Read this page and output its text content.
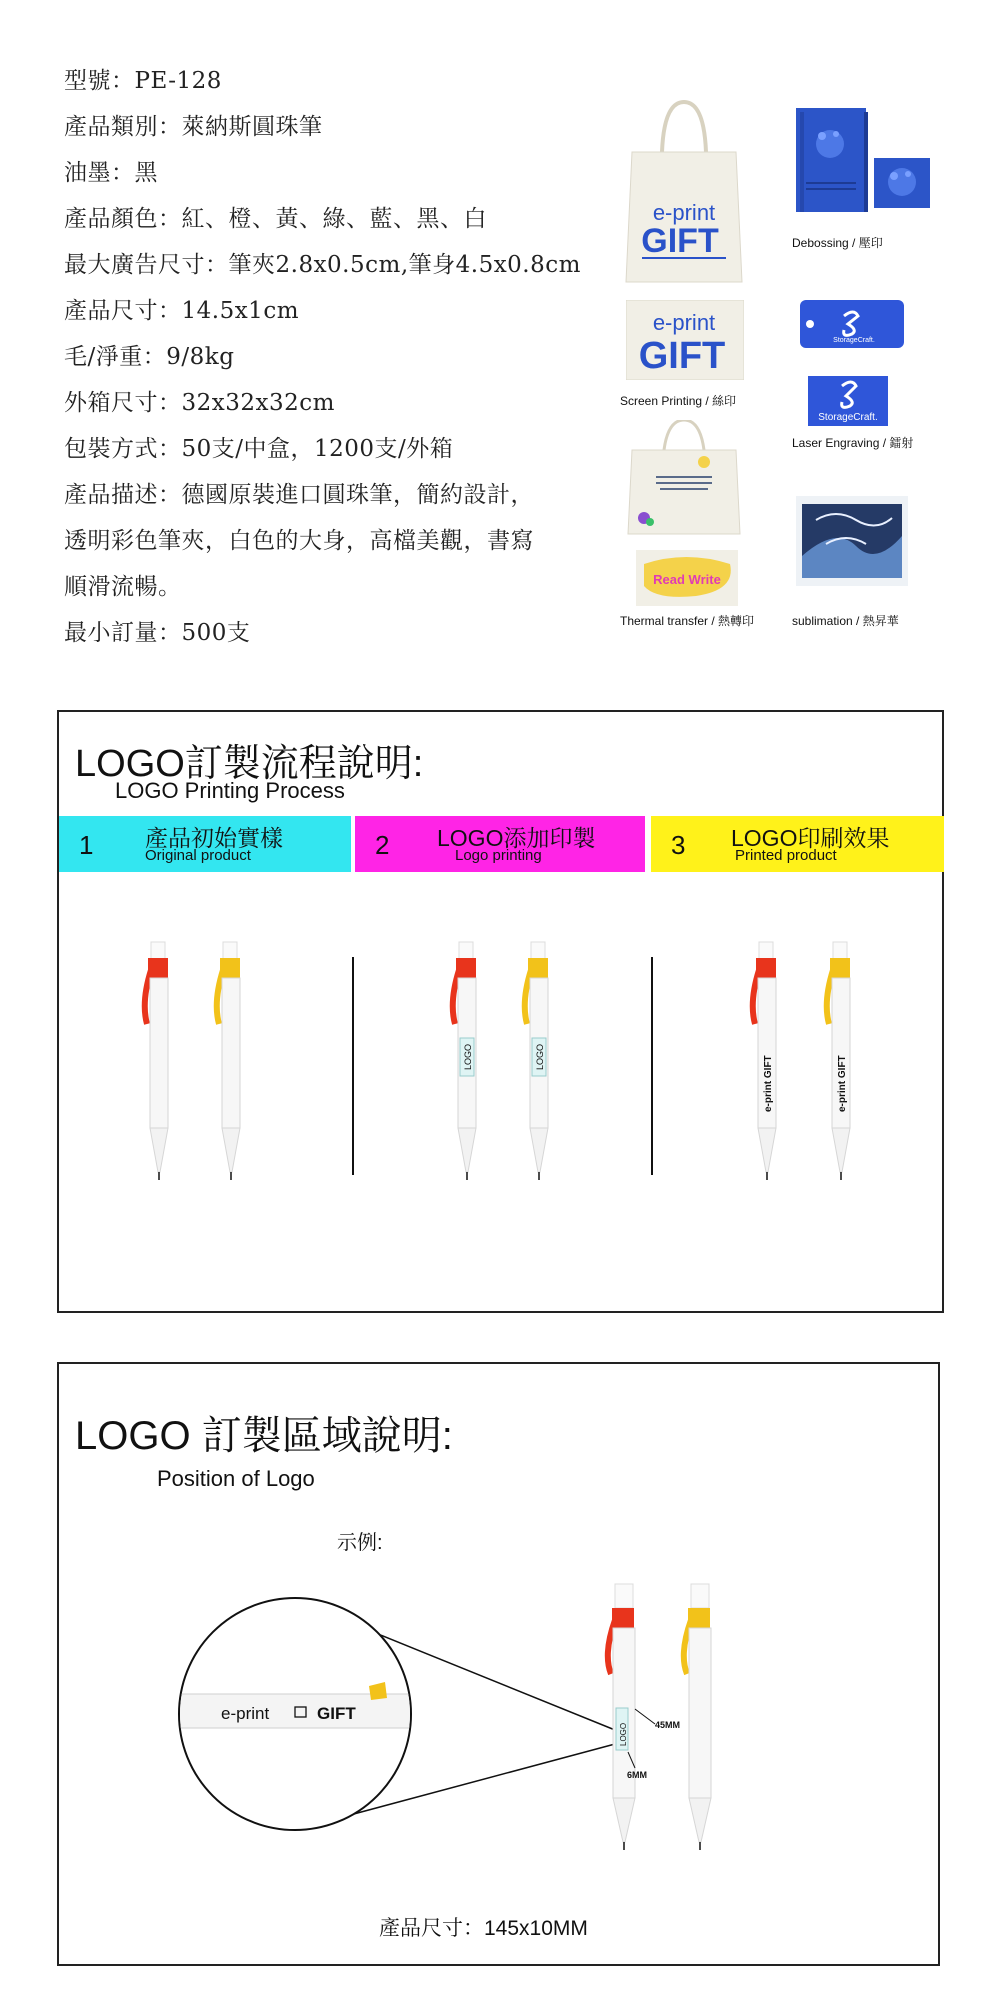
型號：PE-128
產品類別：萊納斯圓珠筆
油墨：黑
產品顏色：紅、橙、黃、綠、藍、黑、白
最大廣告尺寸：筆夾2.8x0.5cm,筆身4.5x0.8cm
產品尺寸：14.5x1cm
毛/淨重：9/8kg
外箱尺寸：32x32x32cm
包裝方式：50支/中盒，1200支/外箱
產品描述：德國原裝進口圓珠筆，簡約設計，
透明彩色筆夾，白色的大身，高檔美觀，書寫
順滑流暢。
最小訂量：500支
e-print
GIFT
e-print
GIFT
Screen Printing / 絲印
Debossing / 壓印
StorageCraft.
StorageCraft.
Laser Engraving / 鐳射
Read Write
Thermal transfer / 熱轉印	sublimation / 熱昇華
LOGO訂製流程說明:
LOGO Printing Process
1 產品初始實樣
Original product	2 LOGO添加印製
Logo printing	3 LOGO印刷效果
Printed product
LOGO	LOGO	e-print GIFT	e-print GIFT
LOGO 訂製區域說明:
Position of Logo
示例:
e-print	GIFT
LOGO	45MM
6MM
產品尺寸：145x10MM
